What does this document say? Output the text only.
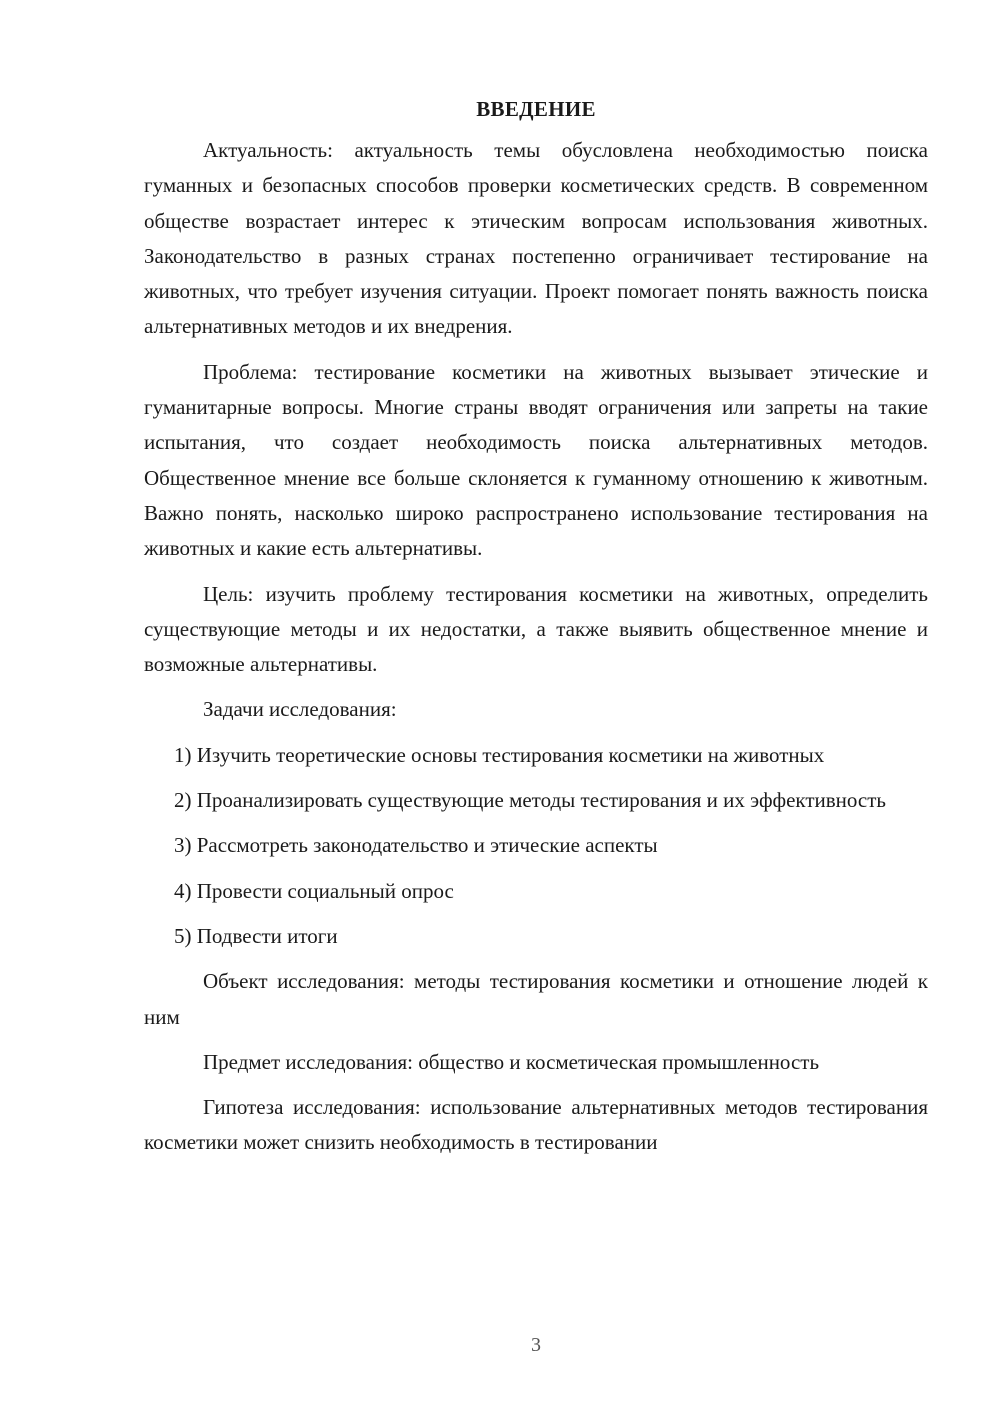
ВВЕДЕНИЕ

Актуальность: актуальность темы обусловлена необходимостью поиска гуманных и безопасных способов проверки косметических средств. В современном обществе возрастает интерес к этическим вопросам использования животных. Законодательство в разных странах постепенно ограничивает тестирование на животных, что требует изучения ситуации. Проект помогает понять важность поиска альтернативных методов и их внедрения.

Проблема: тестирование косметики на животных вызывает этические и гуманитарные вопросы. Многие страны вводят ограничения или запреты на такие испытания, что создает необходимость поиска альтернативных методов. Общественное мнение все больше склоняется к гуманному отношению к животным. Важно понять, насколько широко распространено использование тестирования на животных и какие есть альтернативы.

Цель: изучить проблему тестирования косметики на животных, определить существующие методы и их недостатки, а также выявить общественное мнение и возможные альтернативы.

Задачи исследования:

1) Изучить теоретические основы тестирования косметики на животных

2) Проанализировать существующие методы тестирования и их эффективность

3) Рассмотреть законодательство и этические аспекты

4) Провести социальный опрос

5) Подвести итоги

Объект исследования: методы тестирования косметики и отношение людей к ним

Предмет исследования: общество и косметическая промышленность

Гипотеза исследования: использование альтернативных методов тестирования косметики может снизить необходимость в тестировании

3
